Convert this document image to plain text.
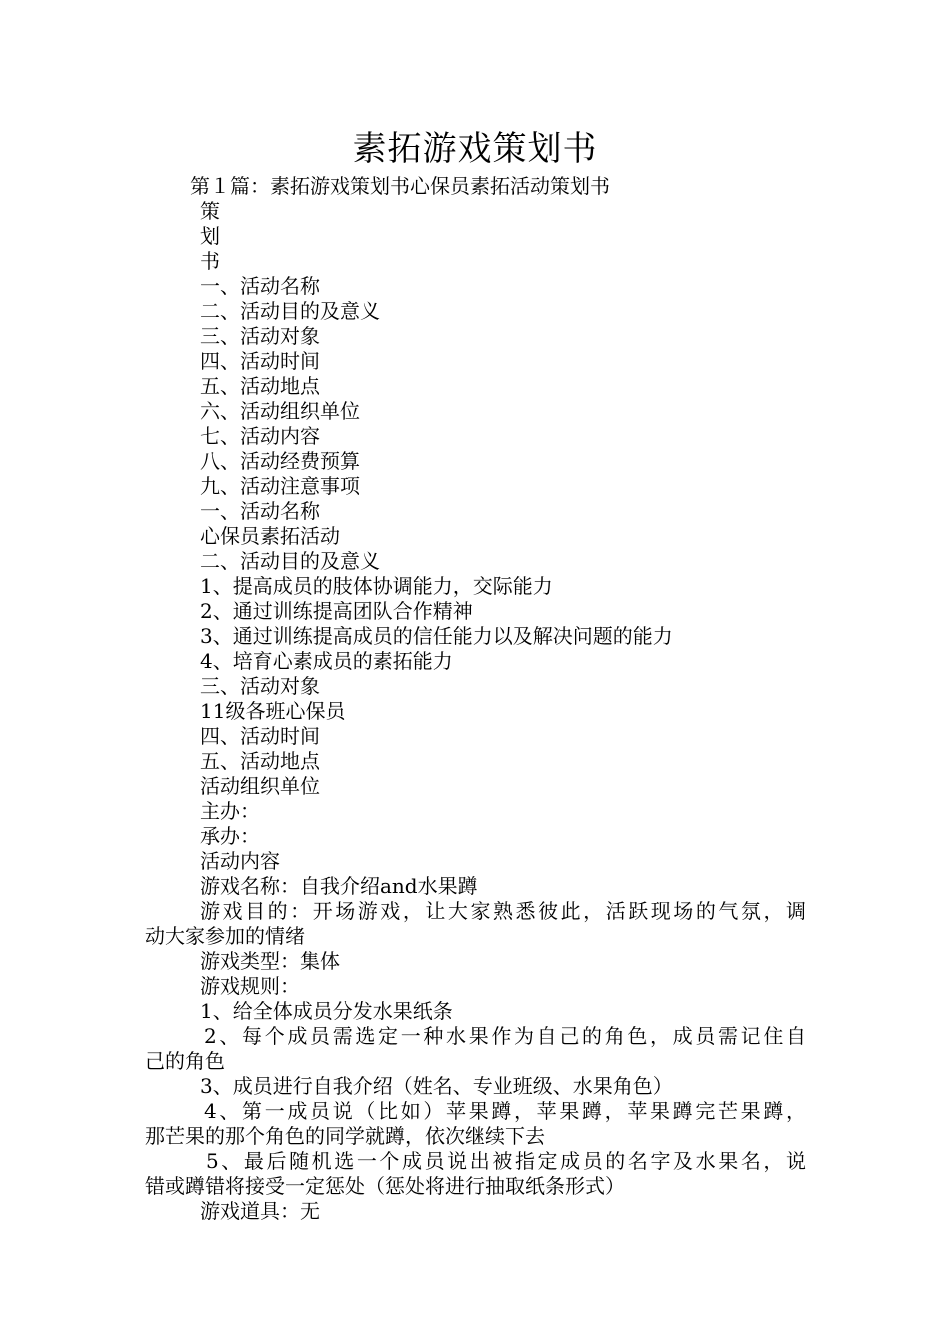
素拓游戏策划书
第１篇：素拓游戏策划书心保员素拓活动策划书
策
划
书
一、活动名称
二、活动目的及意义
三、活动对象
四、活动时间
五、活动地点
六、活动组织单位
七、活动内容
八、活动经费预算
九、活动注意事项
一、活动名称
心保员素拓活动
二、活动目的及意义
1、提高成员的肢体协调能力，交际能力
2、通过训练提高团队合作精神
3、通过训练提高成员的信任能力以及解决问题的能力
4、培育心素成员的素拓能力
三、活动对象
11级各班心保员
四、活动时间
五、活动地点
活动组织单位
主办：
承办：
活动内容
游戏名称：自我介绍and水果蹲
游戏目的：开场游戏，让大家熟悉彼此，活跃现场的气氛，调
动大家参加的情绪
游戏类型：集体
游戏规则：
1、给全体成员分发水果纸条
2、每个成员需选定一种水果作为自己的角色，成员需记住自
己的角色
3、成员进行自我介绍（姓名、专业班级、水果角色）
4、第一成员说（比如）苹果蹲，苹果蹲，苹果蹲完芒果蹲，
那芒果的那个角色的同学就蹲，依次继续下去
5、最后随机选一个成员说出被指定成员的名字及水果名，说
错或蹲错将接受一定惩处（惩处将进行抽取纸条形式）
游戏道具：无
